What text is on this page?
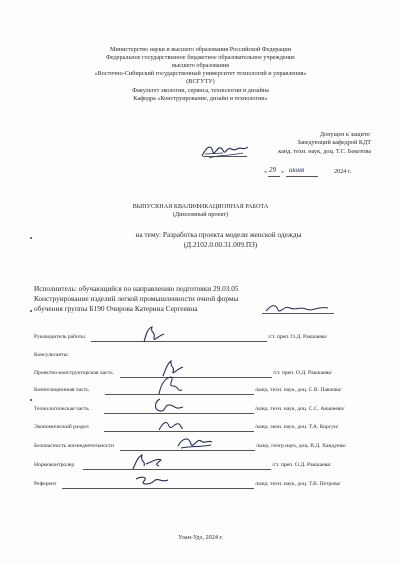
Министерство науки и высшего образования Российской Федерации
Федеральное государственное бюджетное образовательное учреждение
высшего образования
«Восточно-Сибирский государственный университет технологий и управления»
(ВСГУТУ)
Факультет экологии, сервиса, технологии и дизайна
Кафедра «Конструирование, дизайн и технологии»
Допущен к защите:
Заведующий кафедрой КДТ
канд. техн. наук, доц. Т.С. Бекетова
« 29 » июня	2024 г.
ВЫПУСКНАЯ КВАЛИФИКАЦИОННАЯ РАБОТА
(Дипломный проект)
на тему: Разработка проекта модели женской одежды
(Д.2102.0.00.31.009.ПЗ)
Исполнитель: обучающийся по направлению подготовки 29.03.05
Конструирование изделий легкой промышленности очной формы
обучения группы Б190 Очирова Катерина Сергеевна
Руководитель работы	/ст. преп. О.Д. Ракшаева/
Консультанты:
Проектно-конструкторская часть	/ст. преп. О.Д. Ракшаева/
Композиционная часть	/канд. техн. наук, доц. С.В. Павлова/
Технологическая часть	/канд. техн. наук, доц. С.С. Аюшеева/
Экономический раздел	/канд. экон. наук, доц. Т.А. Корсун/
Безопасность жизнедеятельности	/канд. геогр.наук, доц. В.Д. Хандуева/
Нормоконтролер	/ст. преп. О.Д. Ракшаева/
Референт	/канд. техн. наук, доц. Т.В. Петрова/
Улан-Удэ, 2024 г.
